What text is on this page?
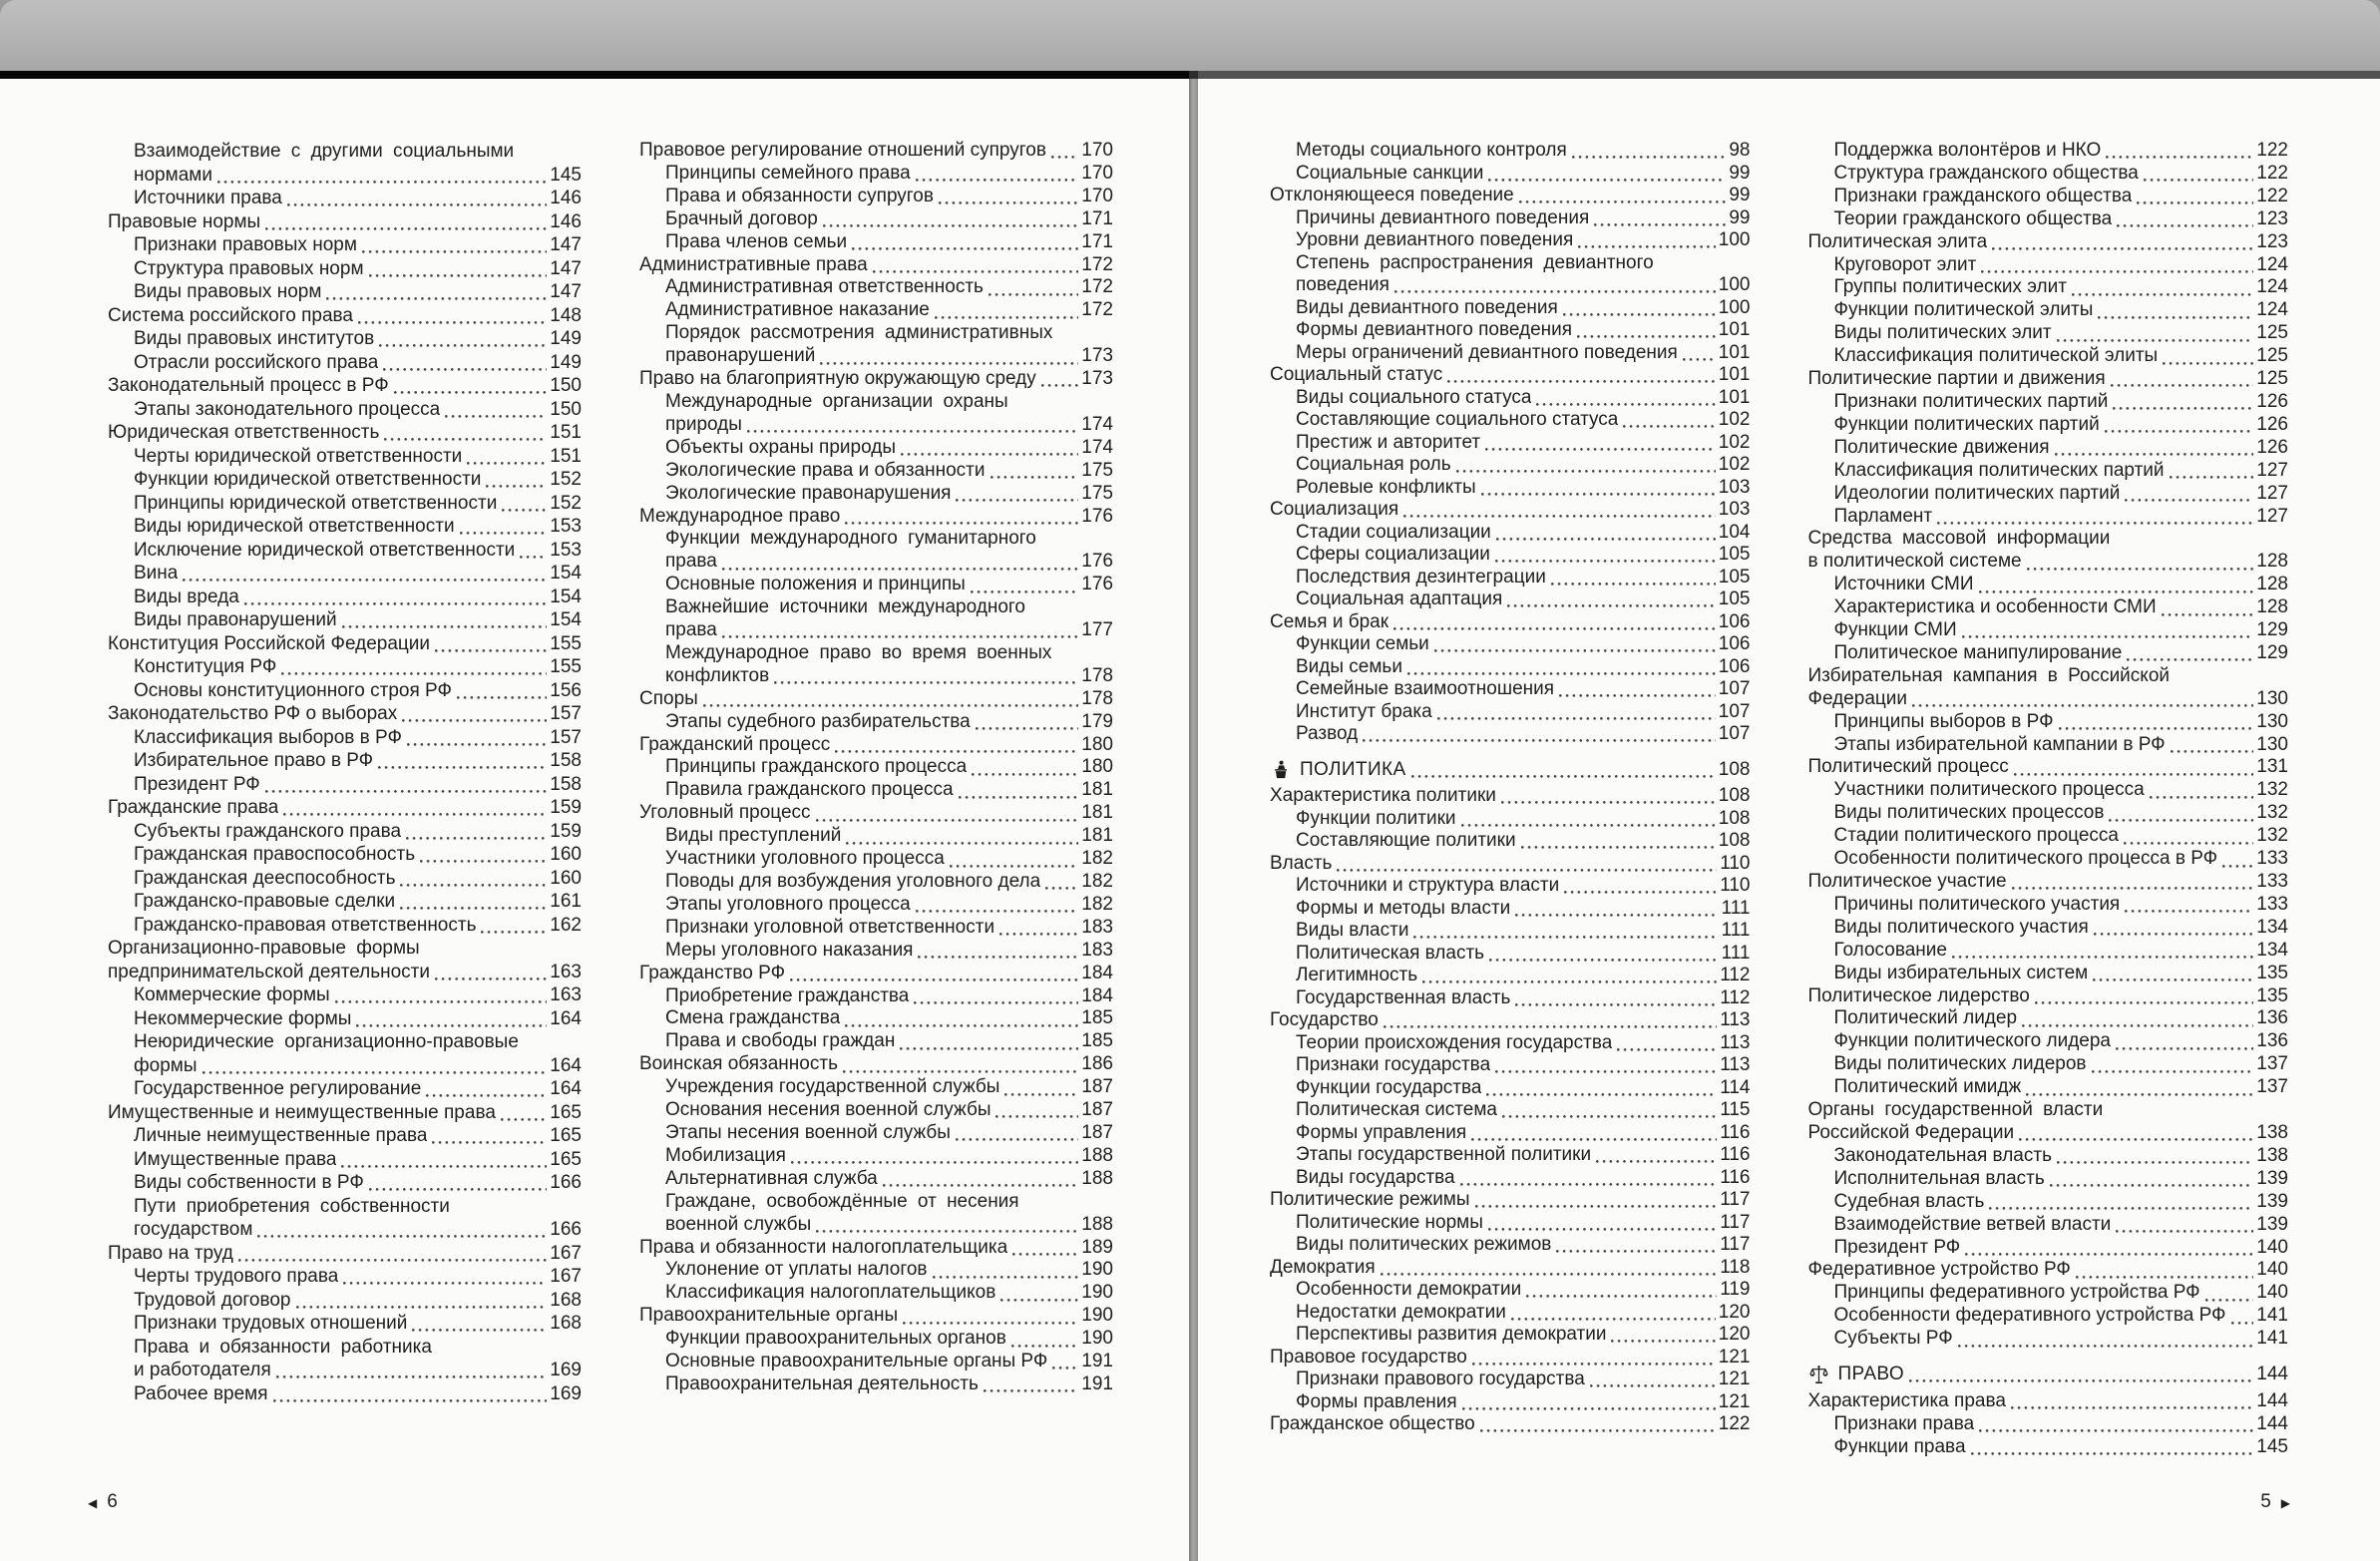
Взаимодействие с другими социальными
нормами	145
Источники права	146
Правовые нормы	146
Признаки правовых норм	147
Структура правовых норм	147
Виды правовых норм	147
Система российского права	148
Виды правовых институтов	149
Отрасли российского права	149
Законодательный процесс в РФ	150
Этапы законодательного процесса	150
Юридическая ответственность	151
Черты юридической ответственности	151
Функции юридической ответственности	152
Принципы юридической ответственности	152
Виды юридической ответственности	153
Исключение юридической ответственности 153
Вина	154
Виды вреда	154
Виды правонарушений	154
Конституция Российской Федерации	155
Конституция РФ	155
Основы конституционного строя РФ	156
Законодательство РФ о выборах	157
Классификация выборов в РФ	157
Избирательное право в РФ	158
Президент РФ	158
Гражданские права	159
Субъекты гражданского права	159
Гражданская правоспособность	160
Гражданская дееспособность	160
Гражданско-правовые сделки	161
Гражданско-правовая ответственность	162
Организационно-правовые формы
предпринимательской деятельности	163
Коммерческие формы	163
Некоммерческие формы	164
Неюридические организационно-правовые
формы	164
Государственное регулирование	164
Имущественные и неимущественные права	165
Личные неимущественные права	165
Имущественные права	165
Виды собственности в РФ	166
Пути приобретения собственности
государством	166
Право на труд	167
Черты трудового права	167
Трудовой договор	168
Признаки трудовых отношений	168
Права и обязанности работника
и работодателя	169
Рабочее время	169
Правовое регулирование отношений супругов 170
Принципы семейного права	170
Права и обязанности супругов	170
Брачный договор	171
Права членов семьи	171
Административные права	172
Административная ответственность	172
Административное наказание	172
Порядок рассмотрения административных
правонарушений	173
Право на благоприятную окружающую среду 173
Международные организации охраны
природы	174
Объекты охраны природы	174
Экологические права и обязанности	175
Экологические правонарушения	175
Международное право	176
Функции международного гуманитарного
права	176
Основные положения и принципы	176
Важнейшие источники международного
права	177
Международное право во время военных
конфликтов	178
Споры	178
Этапы судебного разбирательства	179
Гражданский процесс	180
Принципы гражданского процесса	180
Правила гражданского процесса	181
Уголовный процесс	181
Виды преступлений	181
Участники уголовного процесса	182
Поводы для возбуждения уголовного дела 182
Этапы уголовного процесса	182
Признаки уголовной ответственности	183
Меры уголовного наказания	183
Гражданство РФ	184
Приобретение гражданства	184
Смена гражданства	185
Права и свободы граждан	185
Воинская обязанность	186
Учреждения государственной службы	187
Основания несения военной службы	187
Этапы несения военной службы	187
Мобилизация	188
Альтернативная служба	188
Граждане, освобождённые от несения
военной службы	188
Права и обязанности налогоплательщика	189
Уклонение от уплаты налогов	190
Классификация налогоплательщиков	190
Правоохранительные органы	190
Функции правоохранительных органов	190
Основные правоохранительные органы РФ 191
Правоохранительная деятельность	191
◀ 6
Методы социального контроля	98
Социальные санкции	99
Отклоняющееся поведение	99
Причины девиантного поведения	99
Уровни девиантного поведения	100
Степень распространения девиантного
поведения	100
Виды девиантного поведения	100
Формы девиантного поведения	101
Меры ограничений девиантного поведения 101
Социальный статус	101
Виды социального статуса	101
Составляющие социального статуса	102
Престиж и авторитет	102
Социальная роль	102
Ролевые конфликты	103
Социализация	103
Стадии социализации	104
Сферы социализации	105
Последствия дезинтеграции	105
Социальная адаптация	105
Семья и брак	106
Функции семьи	106
Виды семьи	106
Семейные взаимоотношения	107
Институт брака	107
Развод	107
ПОЛИТИКА	108
Характеристика политики	108
Функции политики	108
Составляющие политики	108
Власть	110
Источники и структура власти	110
Формы и методы власти	111
Виды власти	111
Политическая власть	111
Легитимность	112
Государственная власть	112
Государство	113
Теории происхождения государства	113
Признаки государства	113
Функции государства	114
Политическая система	115
Формы управления	116
Этапы государственной политики	116
Виды государства	116
Политические режимы	117
Политические нормы	117
Виды политических режимов	117
Демократия	118
Особенности демократии	119
Недостатки демократии	120
Перспективы развития демократии	120
Правовое государство	121
Признаки правового государства	121
Формы правления	121
Гражданское общество	122
Поддержка волонтёров и НКО	122
Структура гражданского общества	122
Признаки гражданского общества	122
Теории гражданского общества	123
Политическая элита	123
Круговорот элит	124
Группы политических элит	124
Функции политической элиты	124
Виды политических элит	125
Классификация политической элиты	125
Политические партии и движения	125
Признаки политических партий	126
Функции политических партий	126
Политические движения	126
Классификация политических партий	127
Идеологии политических партий	127
Парламент	127
Средства массовой информации
в политической системе	128
Источники СМИ	128
Характеристика и особенности СМИ	128
Функции СМИ	129
Политическое манипулирование	129
Избирательная кампания в Российской
Федерации	130
Принципы выборов в РФ	130
Этапы избирательной кампании в РФ	130
Политический процесс	131
Участники политического процесса	132
Виды политических процессов	132
Стадии политического процесса	132
Особенности политического процесса в РФ 133
Политическое участие	133
Причины политического участия	133
Виды политического участия	134
Голосование	134
Виды избирательных систем	135
Политическое лидерство	135
Политический лидер	136
Функции политического лидера	136
Виды политических лидеров	137
Политический имидж	137
Органы государственной власти
Российской Федерации	138
Законодательная власть	138
Исполнительная власть	139
Судебная власть	139
Взаимодействие ветвей власти	139
Президент РФ	140
Федеративное устройство РФ	140
Принципы федеративного устройства РФ	140
Особенности федеративного устройства РФ 141
Субъекты РФ	141
ПРАВО	144
Характеристика права	144
Признаки права	144
Функции права	145
5 ▶
